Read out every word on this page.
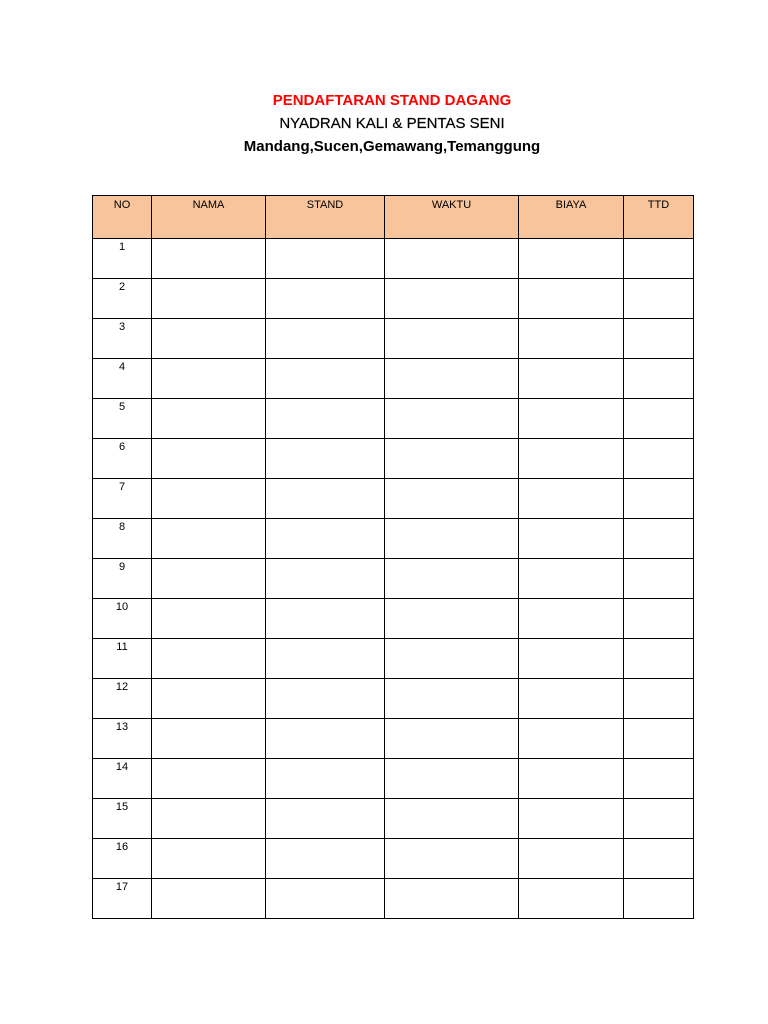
PENDAFTARAN STAND DAGANG
NYADRAN KALI & PENTAS SENI
Mandang,Sucen,Gemawang,Temanggung
NO	NAMA	STAND	WAKTU	BIAYA	TTD
1					
2					
3					
4					
5					
6					
7					
8					
9					
10					
11					
12					
13					
14					
15					
16					
17					
